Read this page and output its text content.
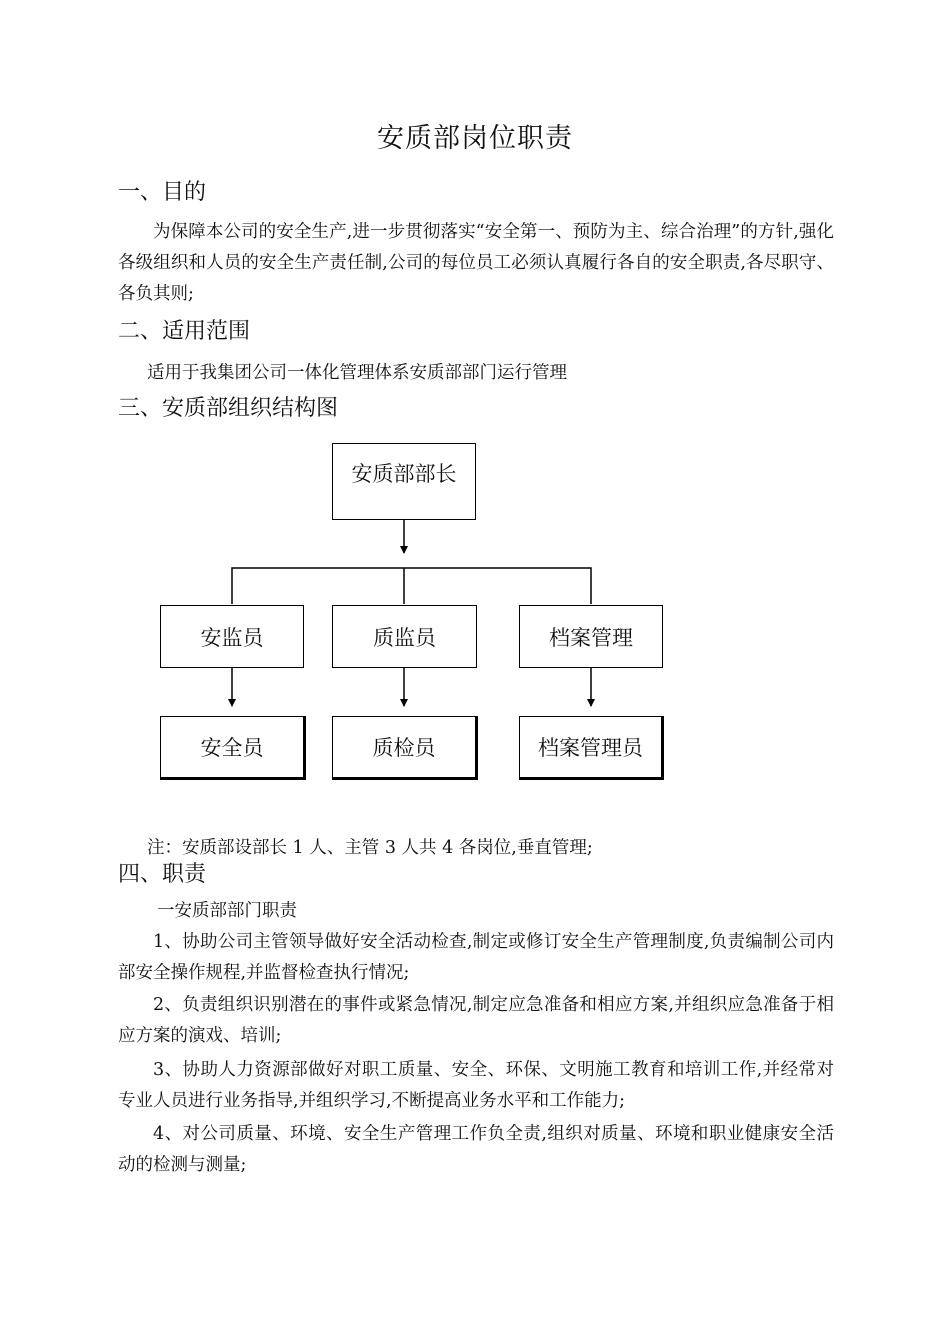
安质部岗位职责
一、目的
为保障本公司的安全生产,进一步贯彻落实“安全第一、预防为主、综合治理”的方针,强化各级组织和人员的安全生产责任制,公司的每位员工必须认真履行各自的安全职责,各尽职守、各负其则;
二、适用范围
适用于我集团公司一体化管理体系安质部部门运行管理
三、安质部组织结构图
安质部部长
安监员	质监员	档案管理
安全员	质检员	档案管理员
注：安质部设部长 1 人、主管 3 人共 4 各岗位,垂直管理;
四、职责
一安质部部门职责
1、协助公司主管领导做好安全活动检查,制定或修订安全生产管理制度,负责编制公司内部安全操作规程,并监督检查执行情况;
2、负责组织识别潜在的事件或紧急情况,制定应急准备和相应方案,并组织应急准备于相应方案的演戏、培训;
3、协助人力资源部做好对职工质量、安全、环保、文明施工教育和培训工作,并经常对专业人员进行业务指导,并组织学习,不断提高业务水平和工作能力;
4、对公司质量、环境、安全生产管理工作负全责,组织对质量、环境和职业健康安全活动的检测与测量;
